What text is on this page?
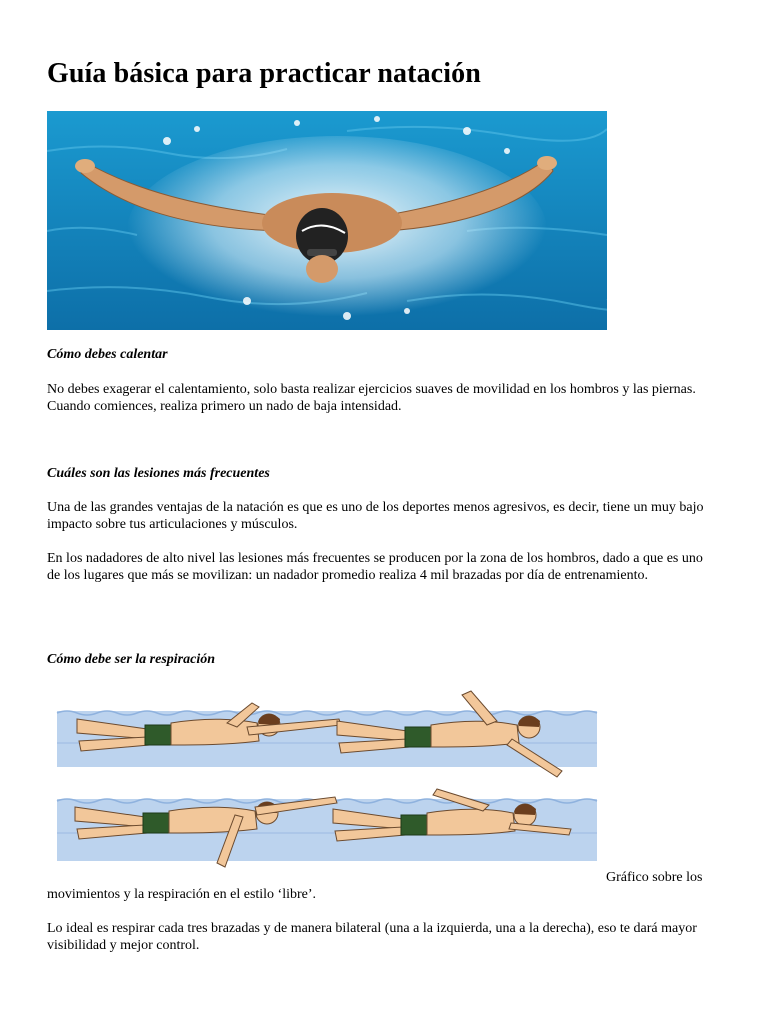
Guía básica para practicar natación

Cómo debes calentar

No debes exagerar el calentamiento, solo basta realizar ejercicios suaves de movilidad en los hombros y las piernas. Cuando comiences, realiza primero un nado de baja intensidad.

Cuáles son las lesiones más frecuentes

Una de las grandes ventajas de la natación es que es uno de los deportes menos agresivos, es decir, tiene un muy bajo impacto sobre tus articulaciones y músculos.

En los nadadores de alto nivel las lesiones más frecuentes se producen por la zona de los hombros, dado a que es uno de los lugares que más se movilizan: un nadador promedio realiza 4 mil brazadas por día de entrenamiento.

Cómo debe ser la respiración

Gráfico sobre los

movimientos y la respiración en el estilo ‘libre’.

Lo ideal es respirar cada tres brazadas y de manera bilateral (una a la izquierda, una a la derecha), eso te dará mayor visibilidad y mejor control.
